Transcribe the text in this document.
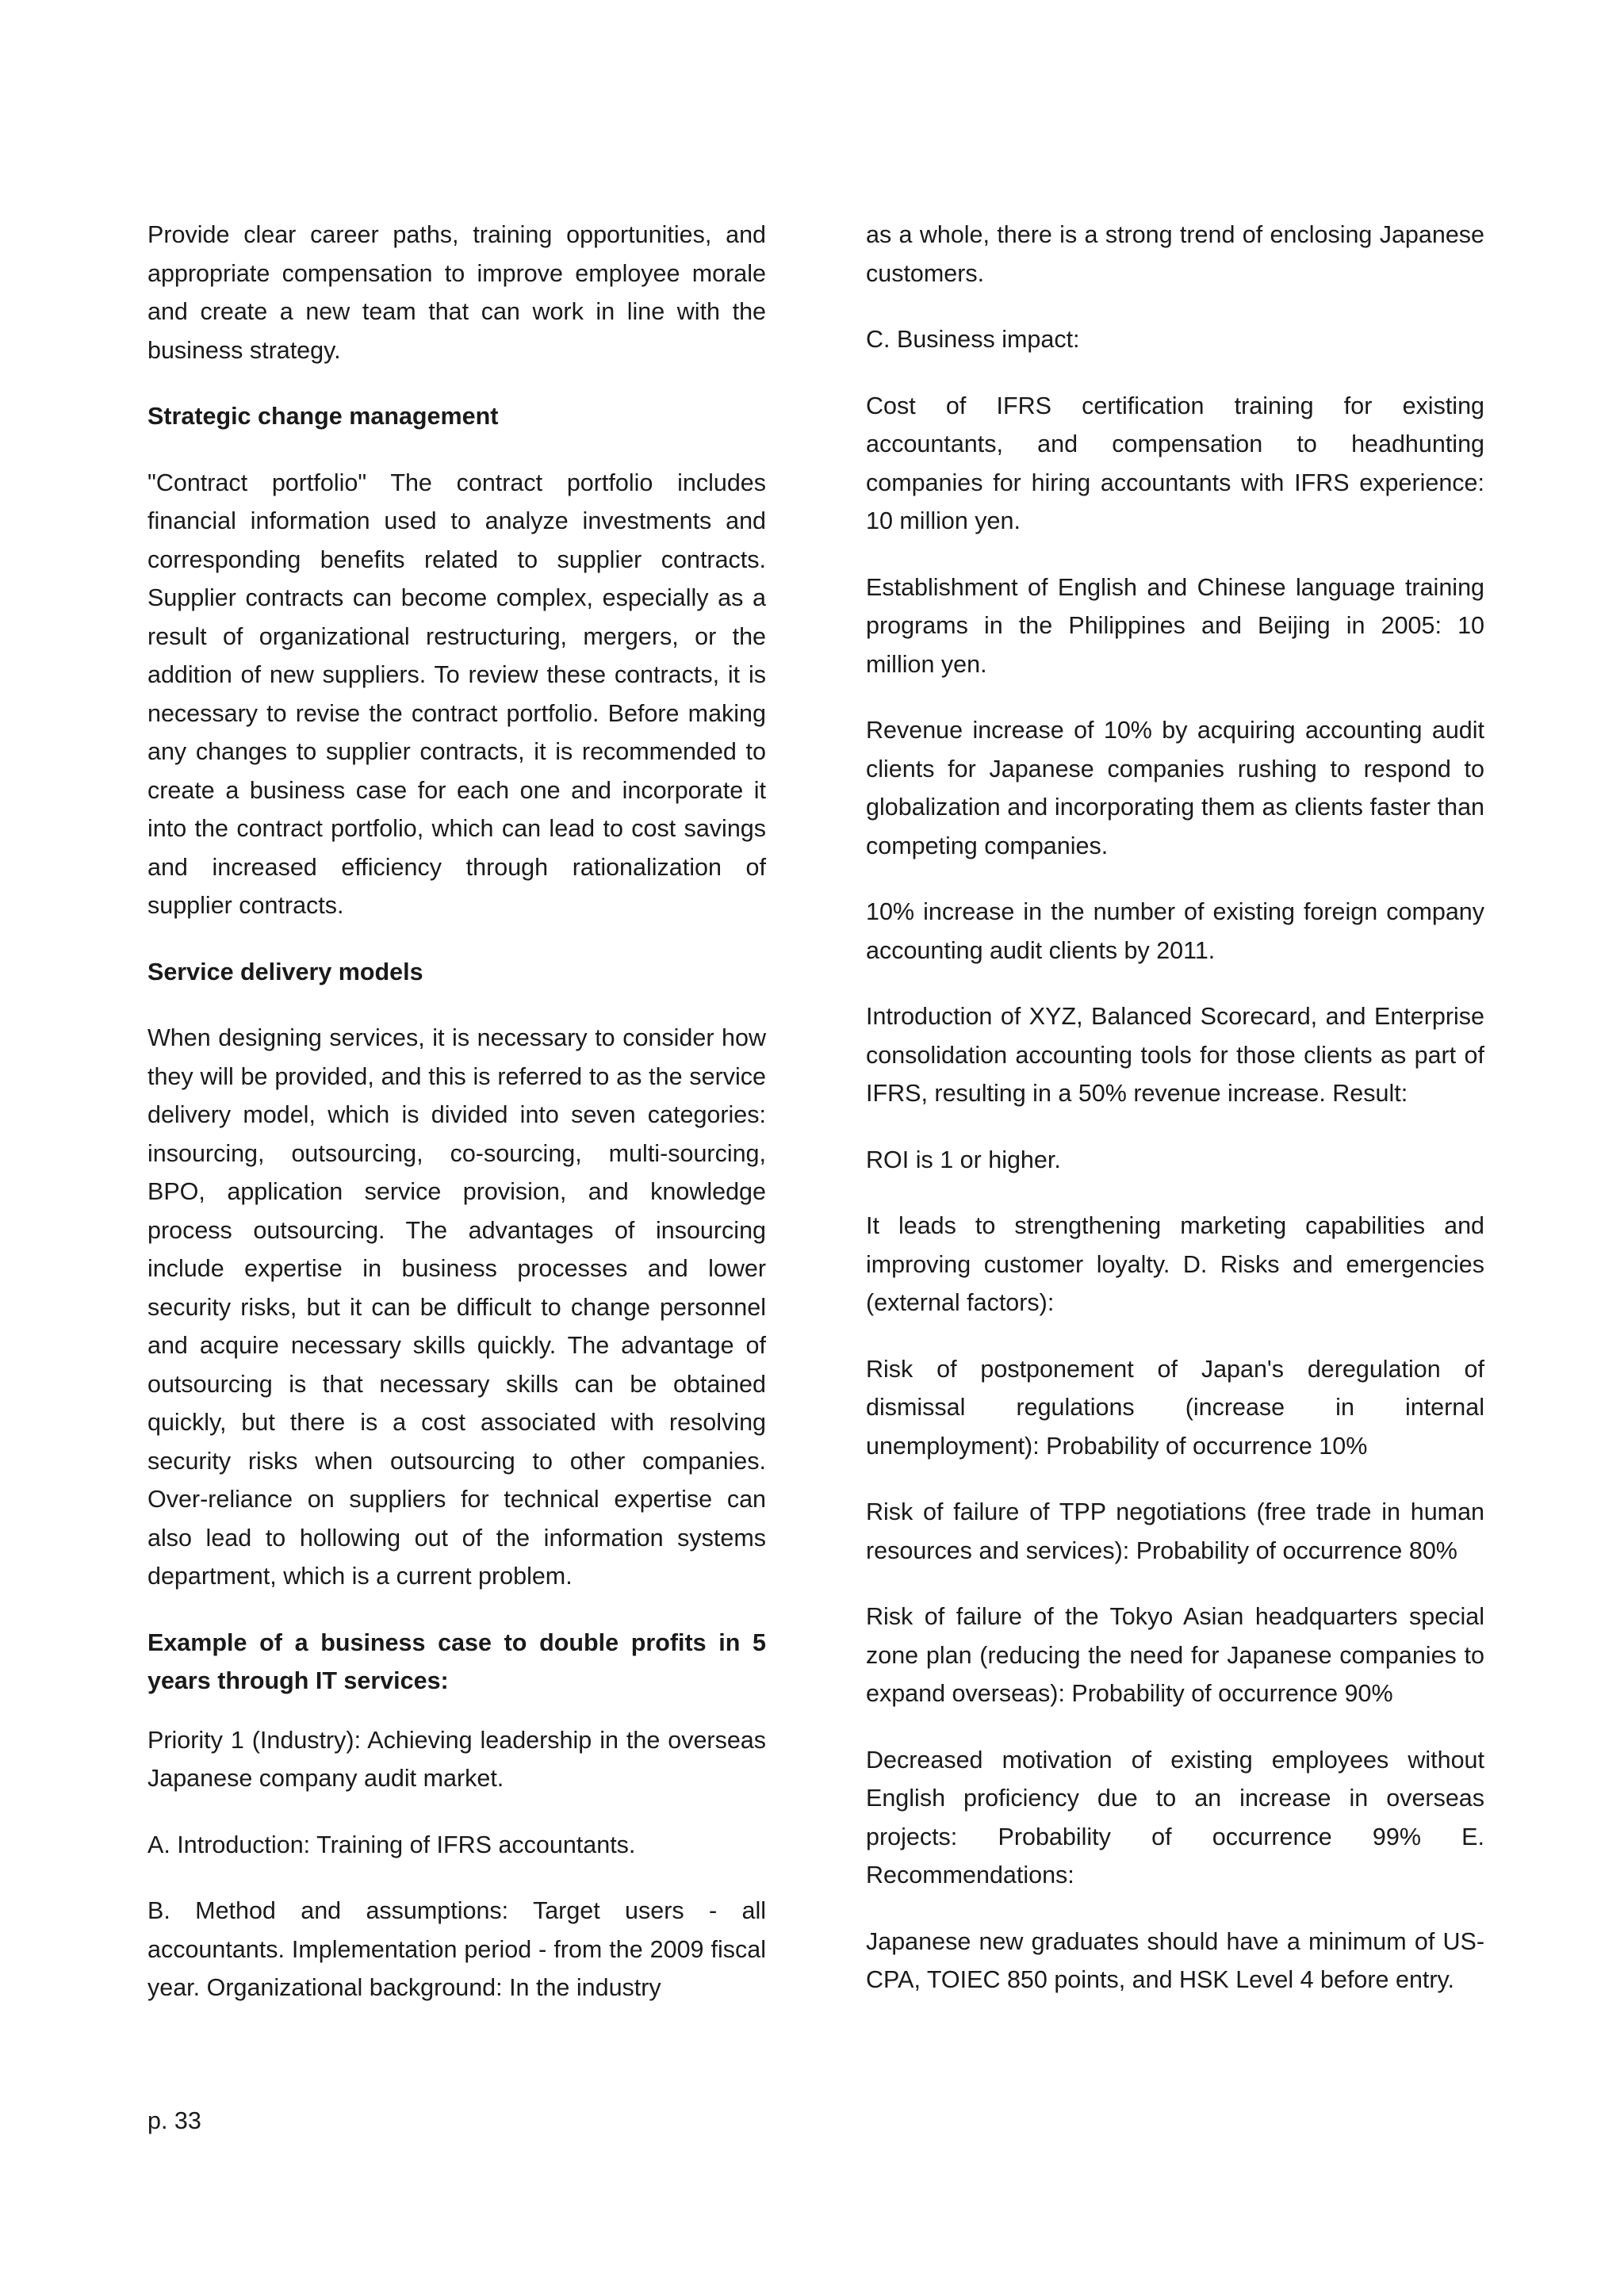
Provide clear career paths, training opportunities, and appropriate compensation to improve employee morale and create a new team that can work in line with the business strategy.

Strategic change management

"Contract portfolio" The contract portfolio includes financial information used to analyze investments and corresponding benefits related to supplier contracts. Supplier contracts can become complex, especially as a result of organizational restructuring, mergers, or the addition of new suppliers. To review these contracts, it is necessary to revise the contract portfolio. Before making any changes to supplier contracts, it is recommended to create a business case for each one and incorporate it into the contract portfolio, which can lead to cost savings and increased efficiency through rationalization of supplier contracts.

Service delivery models

When designing services, it is necessary to consider how they will be provided, and this is referred to as the service delivery model, which is divided into seven categories: insourcing, outsourcing, co-sourcing, multi-sourcing, BPO, application service provision, and knowledge process outsourcing. The advantages of insourcing include expertise in business processes and lower security risks, but it can be difficult to change personnel and acquire necessary skills quickly. The advantage of outsourcing is that necessary skills can be obtained quickly, but there is a cost associated with resolving security risks when outsourcing to other companies. Over-reliance on suppliers for technical expertise can also lead to hollowing out of the information systems department, which is a current problem.

Example of a business case to double profits in 5 years through IT services:

Priority 1 (Industry): Achieving leadership in the overseas Japanese company audit market.

A. Introduction: Training of IFRS accountants.

B. Method and assumptions: Target users - all accountants. Implementation period - from the 2009 fiscal year. Organizational background: In the industry

as a whole, there is a strong trend of enclosing Japanese customers.

C. Business impact:

Cost of IFRS certification training for existing accountants, and compensation to headhunting companies for hiring accountants with IFRS experience: 10 million yen.

Establishment of English and Chinese language training programs in the Philippines and Beijing in 2005: 10 million yen.

Revenue increase of 10% by acquiring accounting audit clients for Japanese companies rushing to respond to globalization and incorporating them as clients faster than competing companies.

10% increase in the number of existing foreign company accounting audit clients by 2011.

Introduction of XYZ, Balanced Scorecard, and Enterprise consolidation accounting tools for those clients as part of IFRS, resulting in a 50% revenue increase. Result:

ROI is 1 or higher.

It leads to strengthening marketing capabilities and improving customer loyalty. D. Risks and emergencies (external factors):

Risk of postponement of Japan's deregulation of dismissal regulations (increase in internal unemployment): Probability of occurrence 10%

Risk of failure of TPP negotiations (free trade in human resources and services): Probability of occurrence 80%

Risk of failure of the Tokyo Asian headquarters special zone plan (reducing the need for Japanese companies to expand overseas): Probability of occurrence 90%

Decreased motivation of existing employees without English proficiency due to an increase in overseas projects: Probability of occurrence 99% E. Recommendations:

Japanese new graduates should have a minimum of US-CPA, TOIEC 850 points, and HSK Level 4 before entry.

p. 33
